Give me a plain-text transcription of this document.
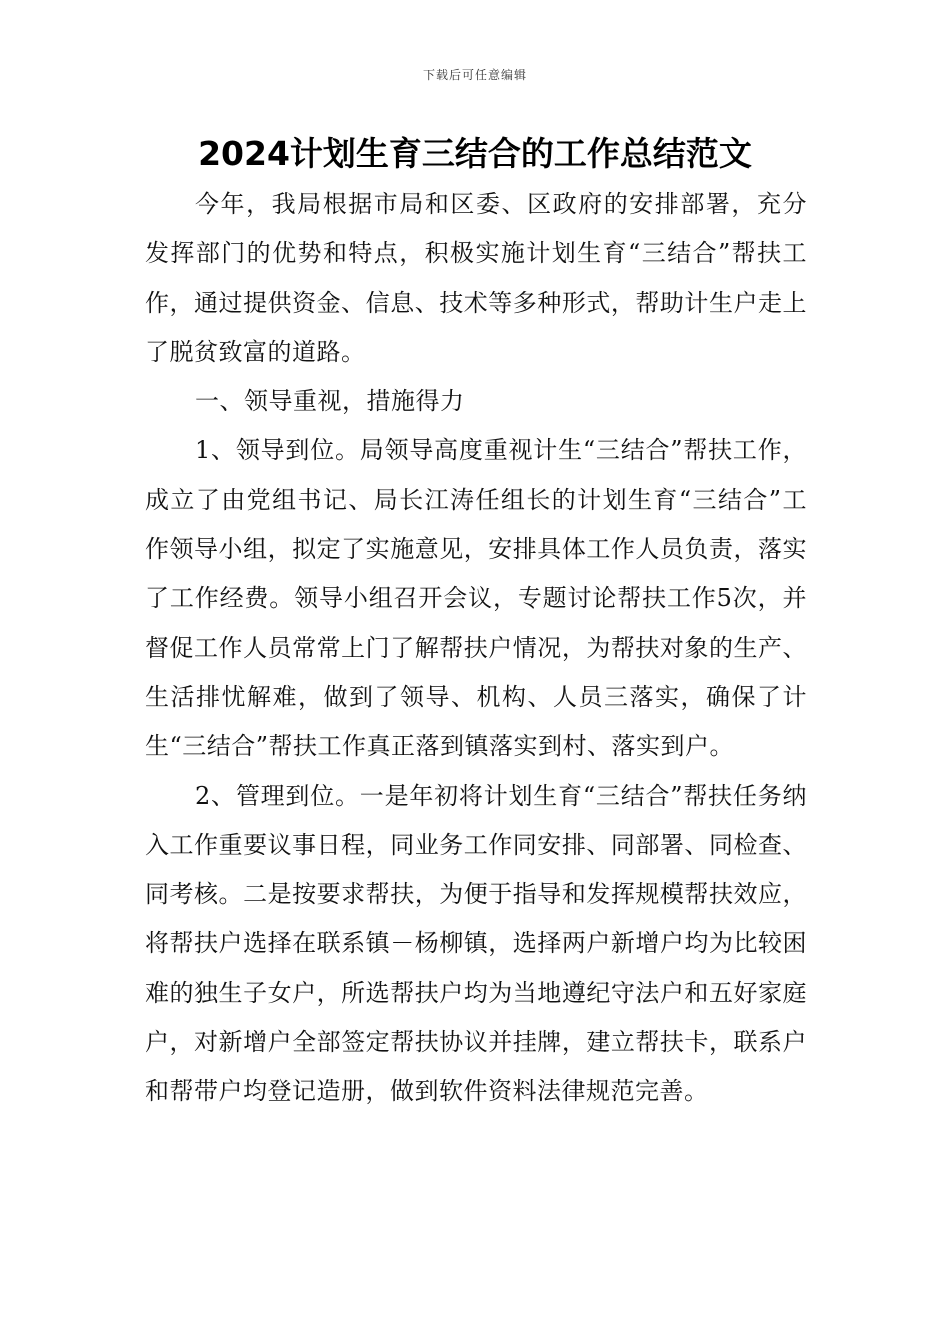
下载后可任意编辑
2024计划生育三结合的工作总结范文

今年，我局根据市局和区委、区政府的安排部署，充分发挥部门的优势和特点，积极实施计划生育“三结合”帮扶工作，通过提供资金、信息、技术等多种形式，帮助计生户走上了脱贫致富的道路。

一、领导重视，措施得力

1、领导到位。局领导高度重视计生“三结合”帮扶工作，成立了由党组书记、局长江涛任组长的计划生育“三结合”工作领导小组，拟定了实施意见，安排具体工作人员负责，落实了工作经费。领导小组召开会议，专题讨论帮扶工作5次，并督促工作人员常常上门了解帮扶户情况，为帮扶对象的生产、生活排忧解难，做到了领导、机构、人员三落实，确保了计生“三结合”帮扶工作真正落到镇落实到村、落实到户。

2、管理到位。一是年初将计划生育“三结合”帮扶任务纳入工作重要议事日程，同业务工作同安排、同部署、同检查、同考核。二是按要求帮扶，为便于指导和发挥规模帮扶效应，将帮扶户选择在联系镇－杨柳镇，选择两户新增户均为比较困难的独生子女户，所选帮扶户均为当地遵纪守法户和五好家庭户，对新增户全部签定帮扶协议并挂牌，建立帮扶卡，联系户和帮带户均登记造册，做到软件资料法律规范完善。
